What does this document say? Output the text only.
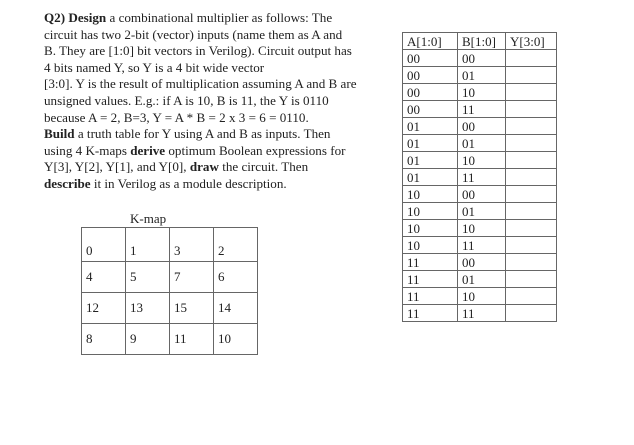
Q2) Design a combinational multiplier as follows: The

circuit has two 2-bit (vector) inputs (name them as A and

B. They are [1:0] bit vectors in Verilog). Circuit output has

4 bits named Y, so Y is a 4 bit wide vector

[3:0]. Y is the result of multiplication assuming A and B are

unsigned values. E.g.: if A is 10, B is 11, the Y is 0110

because A = 2, B=3, Y = A * B = 2 x 3 = 6 = 0110.

Build a truth table for Y using A and B as inputs. Then

using 4 K-maps derive optimum Boolean expressions for

Y[3], Y[2], Y[1], and Y[0], draw the circuit. Then

describe it in Verilog as a module description.

A[1:0]	B[1:0]	Y[3:0]
00	00	
00	01	
00	10	
00	11	
01	00	
01	01	
01	10	
01	11	
10	00	
10	01	
10	10	
10	11	
11	00	
11	01	
11	10	
11	11	
K-map
0	1	3	2
4	5	7	6
12	13	15	14
8	9	11	10
